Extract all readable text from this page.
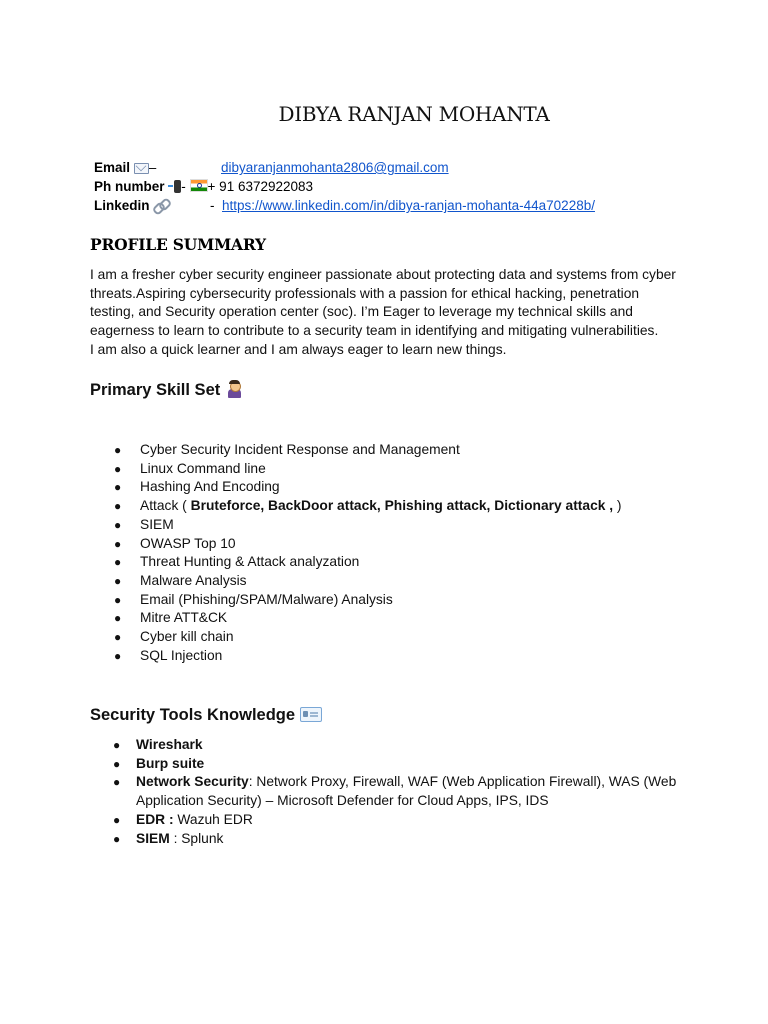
DIBYA RANJAN MOHANTA
Email –	dibyaranjanmohanta2806@gmail.com
Ph number - + 91 6372922083
Linkedin	- https://www.linkedin.com/in/dibya-ranjan-mohanta-44a70228b/
PROFILE SUMMARY

I am a fresher cyber security engineer passionate about protecting data and systems from cyber

threats.Aspiring cybersecurity professionals with a passion for ethical hacking, penetration

testing, and Security operation center (soc). I’m Eager to leverage my technical skills and

eagerness to learn to contribute to a security team in identifying and mitigating vulnerabilities.

I am also a quick learner and I am always eager to learn new things.

Primary Skill Set
● Cyber Security Incident Response and Management
● Linux Command line
● Hashing And Encoding
● Attack ( Bruteforce, BackDoor attack, Phishing attack, Dictionary attack , )
● SIEM
● OWASP Top 10
● Threat Hunting & Attack analyzation
● Malware Analysis
● Email (Phishing/SPAM/Malware) Analysis
● Mitre ATT&CK
● Cyber kill chain
● SQL Injection
Security Tools Knowledge
● Wireshark
● Burp suite
● Network Security: Network Proxy, Firewall, WAF (Web Application Firewall), WAS (Web
Application Security) – Microsoft Defender for Cloud Apps, IPS, IDS
● EDR : Wazuh EDR
● SIEM : Splunk
